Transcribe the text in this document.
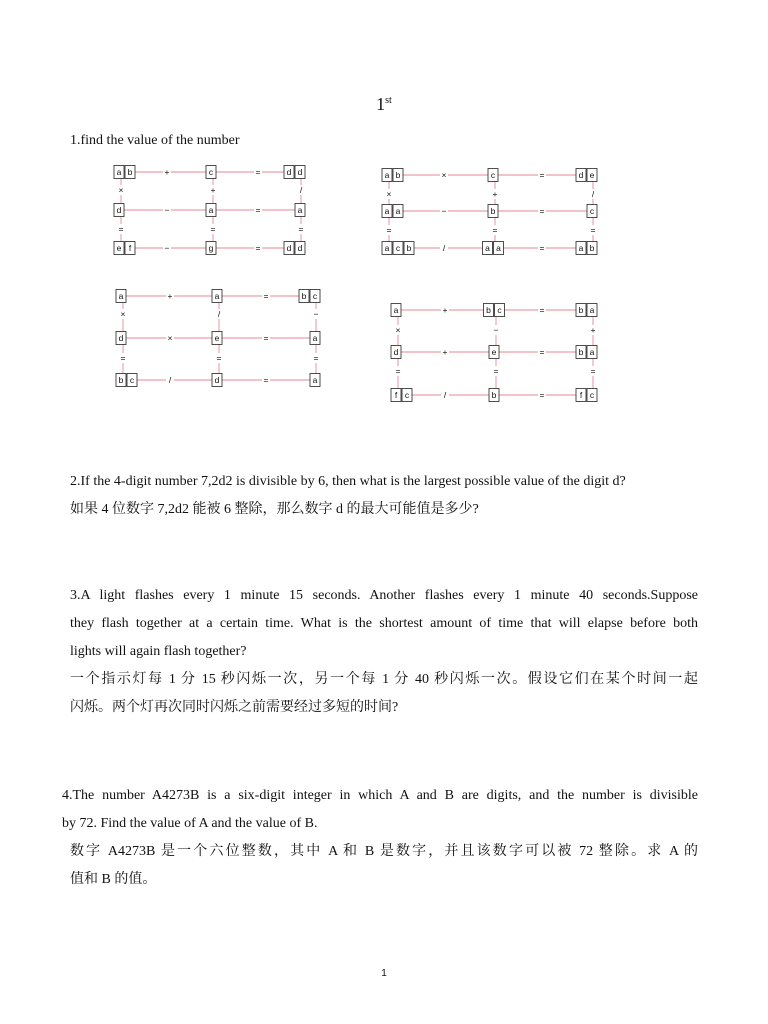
1st
1.find the value of the number
a b	+	c	=	d d
×	+	/
d	−	a	=	a
=	=	=
e f	−	g	=	d d
a b	×	c	=	d e
×	+	/
a a	−	b	=	c
=	=	=
a c b	/	a a	=	a b
a	+	a	=	b c
×	/	−
d	×	e	=	a
=	=	=
b c	/	d	=	a
a	+	b c	=	b a
×	−	+
d	+	e	=	b a
=	=	=
f c	/	b	=	f c
2.If the 4-digit number 7,2d2 is divisible by 6, then what is the largest possible value of the digit d?
如果 4 位数字 7,2d2 能被 6 整除，那么数字 d 的最大可能值是多少?
3.A light flashes every 1 minute 15 seconds. Another flashes every 1 minute 40 seconds.Suppose
they flash together at a certain time. What is the shortest amount of time that will elapse before both
lights will again flash together?
一个指示灯每 1 分 15 秒闪烁一次，另一个每 1 分 40 秒闪烁一次。假设它们在某个时间一起
闪烁。两个灯再次同时闪烁之前需要经过多短的时间?
4.The number A4273B is a six-digit integer in which A and B are digits, and the number is divisible
by 72. Find the value of A and the value of B.
数字 A4273B 是一个六位整数，其中 A 和 B 是数字，并且该数字可以被 72 整除。求 A 的
值和 B 的值。
1
